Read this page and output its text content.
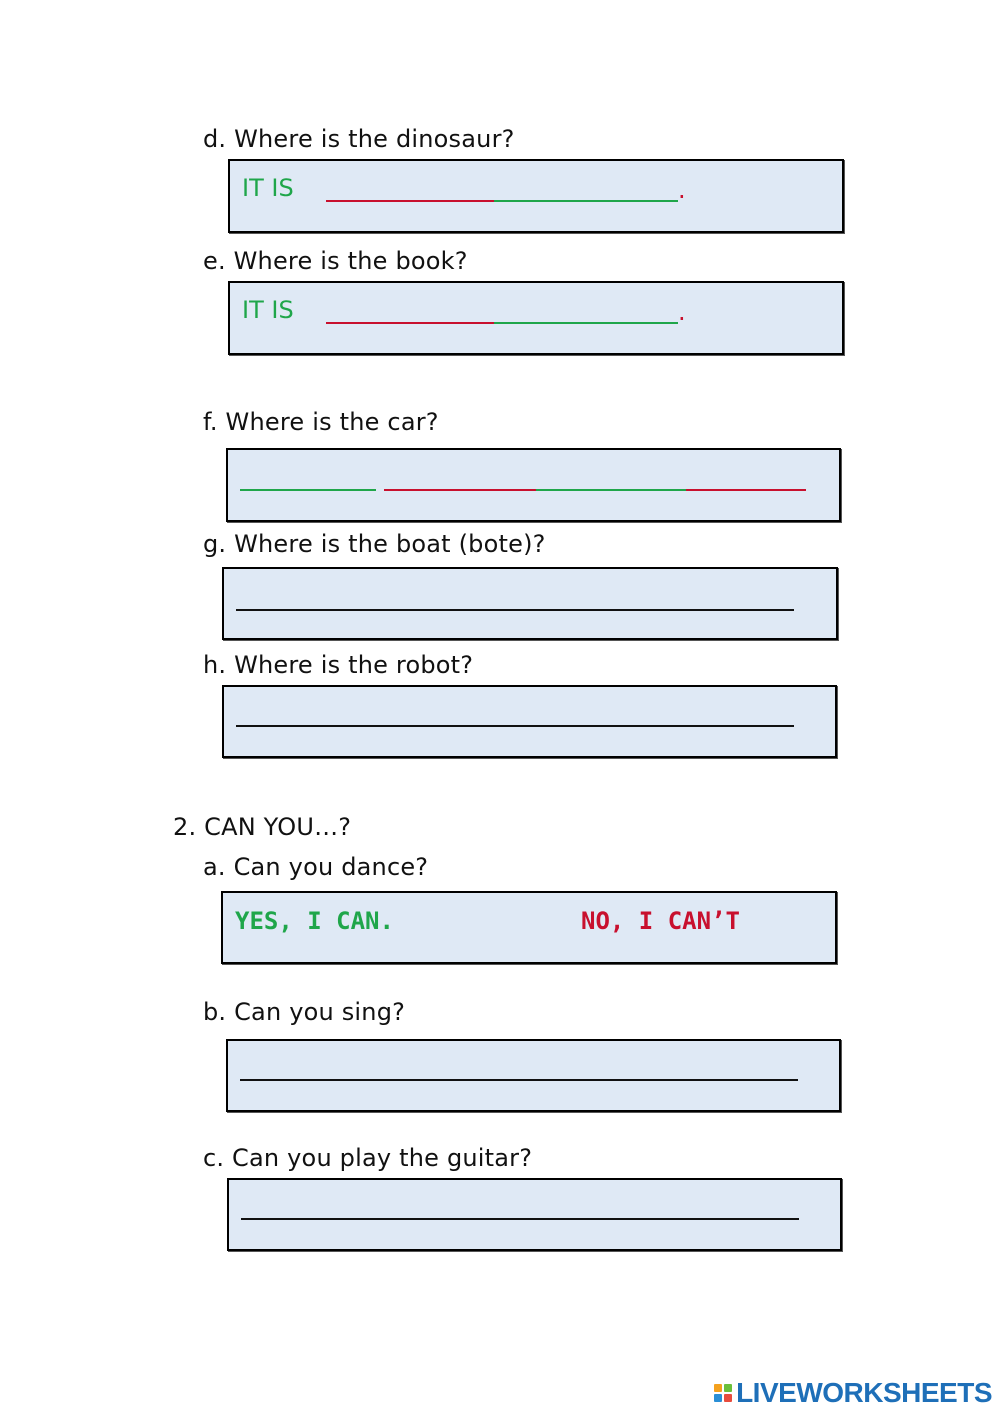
d. Where is the dinosaur?
IT IS	.
e. Where is the book?
IT IS	.
f. Where is the car?
g. Where is the boat (bote)?
h. Where is the robot?
2. CAN YOU…?
a. Can you dance?
YES, I CAN.	NO, I CAN’T
b. Can you sing?
c. Can you play the guitar?
LIVEWORKSHEETS
